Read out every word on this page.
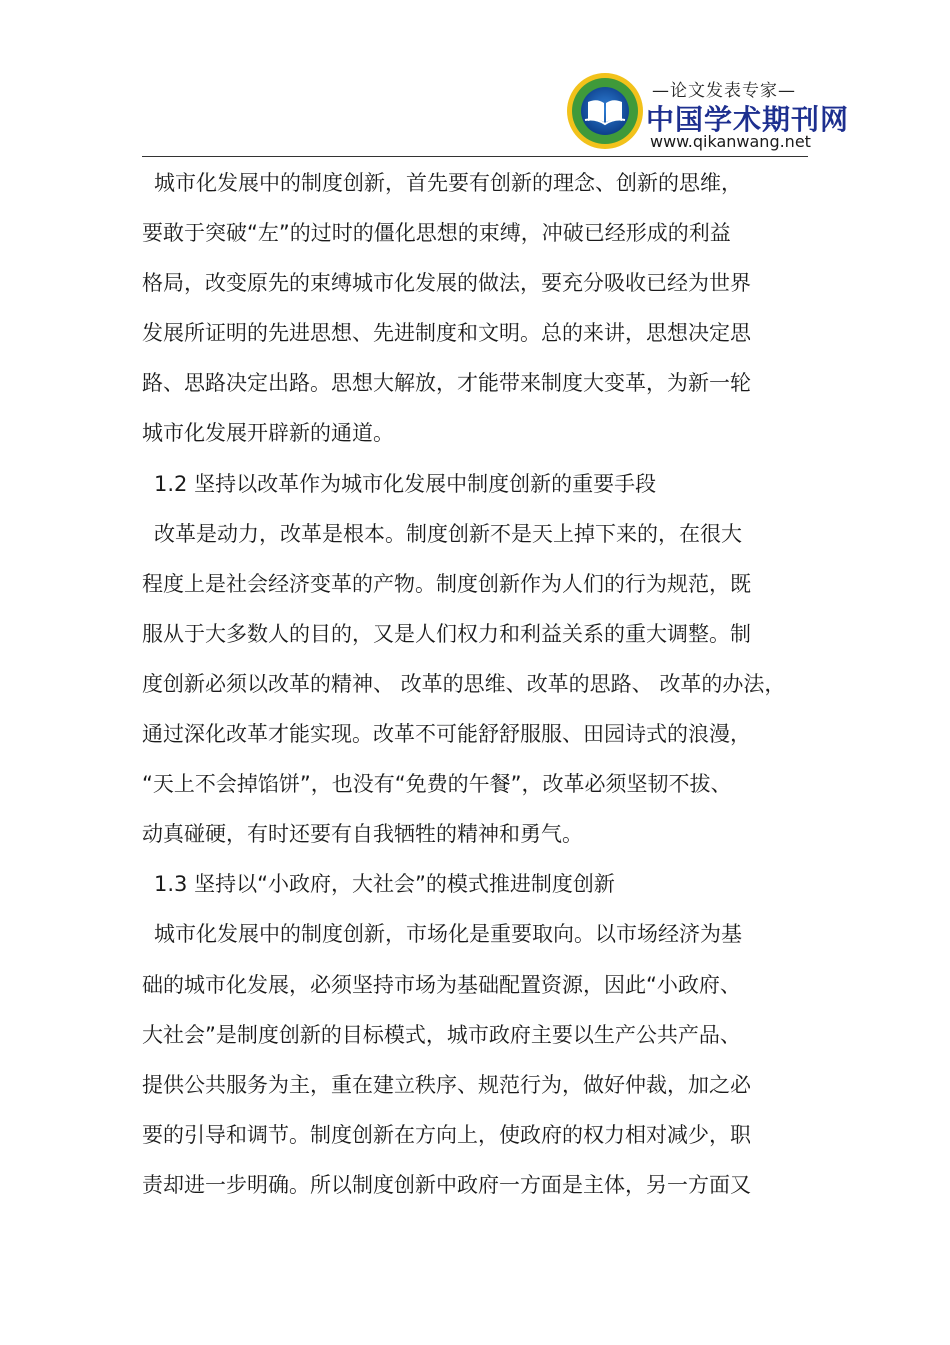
—论文发表专家—
中国学术期刊网
www.qikanwang.net
城市化发展中的制度创新，首先要有创新的理念、创新的思维，
要敢于突破“左”的过时的僵化思想的束缚，冲破已经形成的利益
格局，改变原先的束缚城市化发展的做法，要充分吸收已经为世界
发展所证明的先进思想、先进制度和文明。总的来讲，思想决定思
路、思路决定出路。思想大解放，才能带来制度大变革，为新一轮
城市化发展开辟新的通道。
1.2 坚持以改革作为城市化发展中制度创新的重要手段
改革是动力，改革是根本。制度创新不是天上掉下来的，在很大
程度上是社会经济变革的产物。制度创新作为人们的行为规范，既
服从于大多数人的目的，又是人们权力和利益关系的重大调整。制
度创新必须以改革的精神、 改革的思维、改革的思路、 改革的办法，
通过深化改革才能实现。改革不可能舒舒服服、田园诗式的浪漫，
“天上不会掉馅饼”，也没有“免费的午餐”，改革必须坚韧不拔、
动真碰硬，有时还要有自我牺牲的精神和勇气。
1.3 坚持以“小政府，大社会”的模式推进制度创新
城市化发展中的制度创新，市场化是重要取向。以市场经济为基
础的城市化发展，必须坚持市场为基础配置资源，因此“小政府、
大社会”是制度创新的目标模式，城市政府主要以生产公共产品、
提供公共服务为主，重在建立秩序、规范行为，做好仲裁，加之必
要的引导和调节。制度创新在方向上，使政府的权力相对减少，职
责却进一步明确。所以制度创新中政府一方面是主体，另一方面又
